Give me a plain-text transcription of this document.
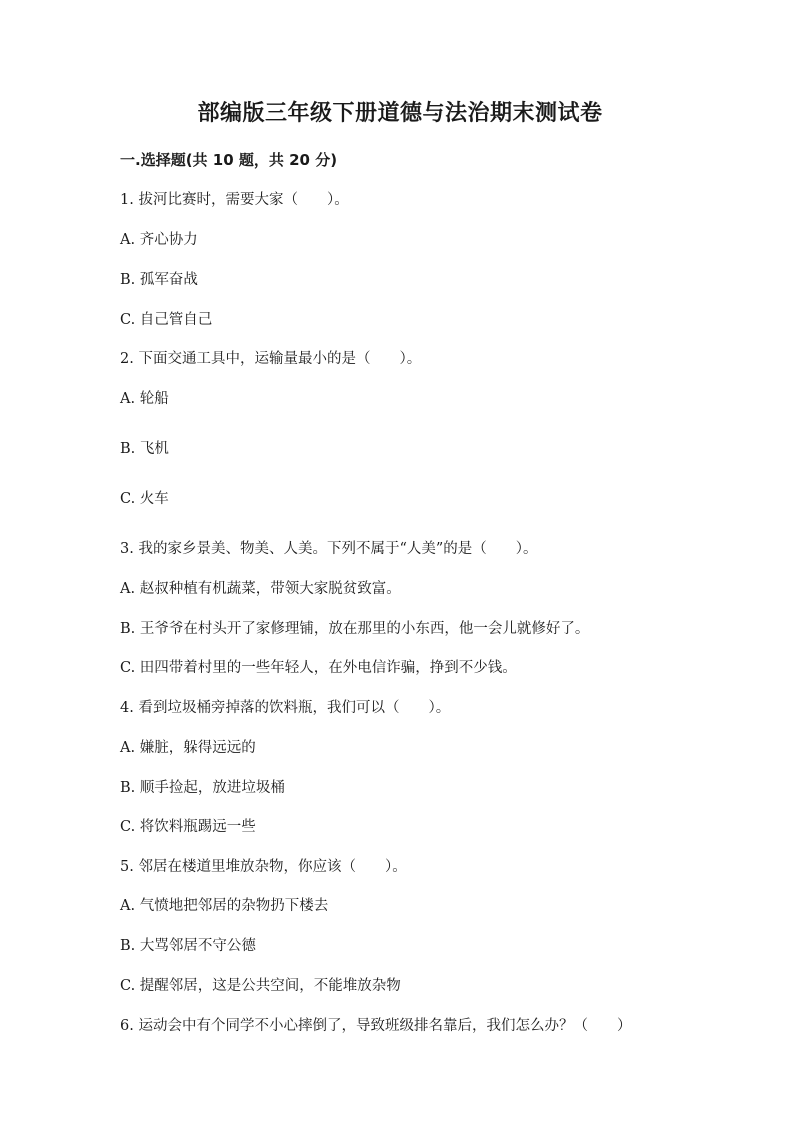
部编版三年级下册道德与法治期末测试卷
一.选择题(共 10 题，共 20 分)
1. 拔河比赛时，需要大家（　　）。
A. 齐心协力
B. 孤军奋战
C. 自己管自己
2. 下面交通工具中，运输量最小的是（　　）。
A. 轮船
B. 飞机
C. 火车
3. 我的家乡景美、物美、人美。下列不属于“人美”的是（　　）。
A. 赵叔种植有机蔬菜，带领大家脱贫致富。
B. 王爷爷在村头开了家修理铺，放在那里的小东西，他一会儿就修好了。
C. 田四带着村里的一些年轻人，在外电信诈骗，挣到不少钱。
4. 看到垃圾桶旁掉落的饮料瓶，我们可以（　　）。
A. 嫌脏，躲得远远的
B. 顺手捡起，放进垃圾桶
C. 将饮料瓶踢远一些
5. 邻居在楼道里堆放杂物，你应该（　　）。
A. 气愤地把邻居的杂物扔下楼去
B. 大骂邻居不守公德
C. 提醒邻居，这是公共空间，不能堆放杂物
6. 运动会中有个同学不小心摔倒了，导致班级排名靠后，我们怎么办？（　　）
